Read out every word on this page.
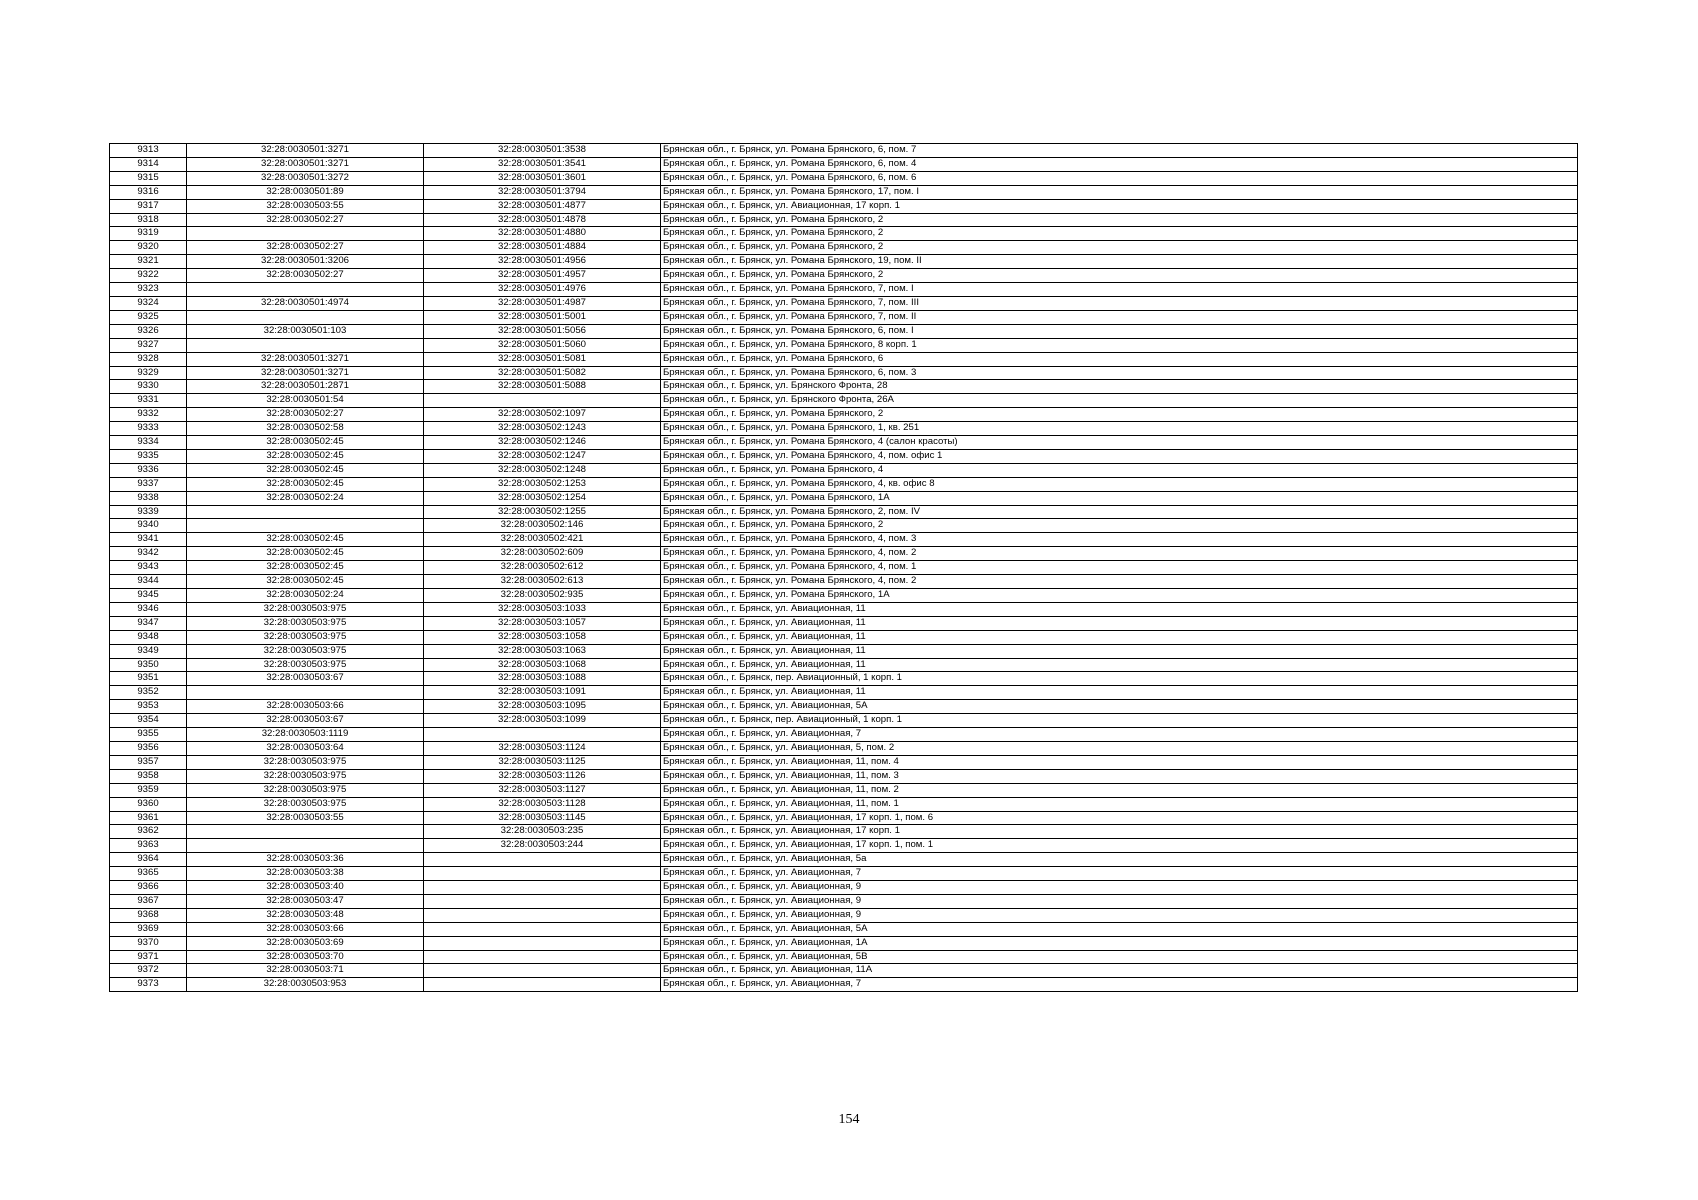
9313	32:28:0030501:3271	32:28:0030501:3538	Брянская обл., г. Брянск, ул. Романа Брянского, 6, пом. 7
9314	32:28:0030501:3271	32:28:0030501:3541	Брянская обл., г. Брянск, ул. Романа Брянского, 6, пом. 4
9315	32:28:0030501:3272	32:28:0030501:3601	Брянская обл., г. Брянск, ул. Романа Брянского, 6, пом. 6
9316	32:28:0030501:89	32:28:0030501:3794	Брянская обл., г. Брянск, ул. Романа Брянского, 17, пом. I
9317	32:28:0030503:55	32:28:0030501:4877	Брянская обл., г. Брянск, ул. Авиационная, 17 корп. 1
9318	32:28:0030502:27	32:28:0030501:4878	Брянская обл., г. Брянск, ул. Романа Брянского, 2
9319		32:28:0030501:4880	Брянская обл., г. Брянск, ул. Романа Брянского, 2
9320	32:28:0030502:27	32:28:0030501:4884	Брянская обл., г. Брянск, ул. Романа Брянского, 2
9321	32:28:0030501:3206	32:28:0030501:4956	Брянская обл., г. Брянск, ул. Романа Брянского, 19, пом. II
9322	32:28:0030502:27	32:28:0030501:4957	Брянская обл., г. Брянск, ул. Романа Брянского, 2
9323		32:28:0030501:4976	Брянская обл., г. Брянск, ул. Романа Брянского, 7, пом. I
9324	32:28:0030501:4974	32:28:0030501:4987	Брянская обл., г. Брянск, ул. Романа Брянского, 7, пом. III
9325		32:28:0030501:5001	Брянская обл., г. Брянск, ул. Романа Брянского, 7, пом. II
9326	32:28:0030501:103	32:28:0030501:5056	Брянская обл., г. Брянск, ул. Романа Брянского, 6, пом. I
9327		32:28:0030501:5060	Брянская обл., г. Брянск, ул. Романа Брянского, 8 корп. 1
9328	32:28:0030501:3271	32:28:0030501:5081	Брянская обл., г. Брянск, ул. Романа Брянского, 6
9329	32:28:0030501:3271	32:28:0030501:5082	Брянская обл., г. Брянск, ул. Романа Брянского, 6, пом. 3
9330	32:28:0030501:2871	32:28:0030501:5088	Брянская обл., г. Брянск, ул. Брянского Фронта, 28
9331	32:28:0030501:54		Брянская обл., г. Брянск, ул. Брянского Фронта, 26А
9332	32:28:0030502:27	32:28:0030502:1097	Брянская обл., г. Брянск, ул. Романа Брянского, 2
9333	32:28:0030502:58	32:28:0030502:1243	Брянская обл., г. Брянск, ул. Романа Брянского, 1, кв. 251
9334	32:28:0030502:45	32:28:0030502:1246	Брянская обл., г. Брянск, ул. Романа Брянского, 4 (салон красоты)
9335	32:28:0030502:45	32:28:0030502:1247	Брянская обл., г. Брянск, ул. Романа Брянского, 4, пом. офис 1
9336	32:28:0030502:45	32:28:0030502:1248	Брянская обл., г. Брянск, ул. Романа Брянского, 4
9337	32:28:0030502:45	32:28:0030502:1253	Брянская обл., г. Брянск, ул. Романа Брянского, 4, кв. офис 8
9338	32:28:0030502:24	32:28:0030502:1254	Брянская обл., г. Брянск, ул. Романа Брянского, 1А
9339		32:28:0030502:1255	Брянская обл., г. Брянск, ул. Романа Брянского, 2, пом. IV
9340		32:28:0030502:146	Брянская обл., г. Брянск, ул. Романа Брянского, 2
9341	32:28:0030502:45	32:28:0030502:421	Брянская обл., г. Брянск, ул. Романа Брянского, 4, пом. 3
9342	32:28:0030502:45	32:28:0030502:609	Брянская обл., г. Брянск, ул. Романа Брянского, 4, пом. 2
9343	32:28:0030502:45	32:28:0030502:612	Брянская обл., г. Брянск, ул. Романа Брянского, 4, пом. 1
9344	32:28:0030502:45	32:28:0030502:613	Брянская обл., г. Брянск, ул. Романа Брянского, 4, пом. 2
9345	32:28:0030502:24	32:28:0030502:935	Брянская обл., г. Брянск, ул. Романа Брянского, 1А
9346	32:28:0030503:975	32:28:0030503:1033	Брянская обл., г. Брянск, ул. Авиационная, 11
9347	32:28:0030503:975	32:28:0030503:1057	Брянская обл., г. Брянск, ул. Авиационная, 11
9348	32:28:0030503:975	32:28:0030503:1058	Брянская обл., г. Брянск, ул. Авиационная, 11
9349	32:28:0030503:975	32:28:0030503:1063	Брянская обл., г. Брянск, ул. Авиационная, 11
9350	32:28:0030503:975	32:28:0030503:1068	Брянская обл., г. Брянск, ул. Авиационная, 11
9351	32:28:0030503:67	32:28:0030503:1088	Брянская обл., г. Брянск, пер. Авиационный, 1 корп. 1
9352		32:28:0030503:1091	Брянская обл., г. Брянск, ул. Авиационная, 11
9353	32:28:0030503:66	32:28:0030503:1095	Брянская обл., г. Брянск, ул. Авиационная, 5А
9354	32:28:0030503:67	32:28:0030503:1099	Брянская обл., г. Брянск, пер. Авиационный, 1 корп. 1
9355	32:28:0030503:1119		Брянская обл., г. Брянск, ул. Авиационная, 7
9356	32:28:0030503:64	32:28:0030503:1124	Брянская обл., г. Брянск, ул. Авиационная, 5, пом. 2
9357	32:28:0030503:975	32:28:0030503:1125	Брянская обл., г. Брянск, ул. Авиационная, 11, пом. 4
9358	32:28:0030503:975	32:28:0030503:1126	Брянская обл., г. Брянск, ул. Авиационная, 11, пом. 3
9359	32:28:0030503:975	32:28:0030503:1127	Брянская обл., г. Брянск, ул. Авиационная, 11, пом. 2
9360	32:28:0030503:975	32:28:0030503:1128	Брянская обл., г. Брянск, ул. Авиационная, 11, пом. 1
9361	32:28:0030503:55	32:28:0030503:1145	Брянская обл., г. Брянск, ул. Авиационная, 17 корп. 1, пом. 6
9362		32:28:0030503:235	Брянская обл., г. Брянск, ул. Авиационная, 17 корп. 1
9363		32:28:0030503:244	Брянская обл., г. Брянск, ул. Авиационная, 17 корп. 1, пом. 1
9364	32:28:0030503:36		Брянская обл., г. Брянск, ул. Авиационная, 5а
9365	32:28:0030503:38		Брянская обл., г. Брянск, ул. Авиационная, 7
9366	32:28:0030503:40		Брянская обл., г. Брянск, ул. Авиационная, 9
9367	32:28:0030503:47		Брянская обл., г. Брянск, ул. Авиационная, 9
9368	32:28:0030503:48		Брянская обл., г. Брянск, ул. Авиационная, 9
9369	32:28:0030503:66		Брянская обл., г. Брянск, ул. Авиационная, 5А
9370	32:28:0030503:69		Брянская обл., г. Брянск, ул. Авиационная, 1А
9371	32:28:0030503:70		Брянская обл., г. Брянск, ул. Авиационная, 5В
9372	32:28:0030503:71		Брянская обл., г. Брянск, ул. Авиационная, 11А
9373	32:28:0030503:953		Брянская обл., г. Брянск, ул. Авиационная, 7
154
